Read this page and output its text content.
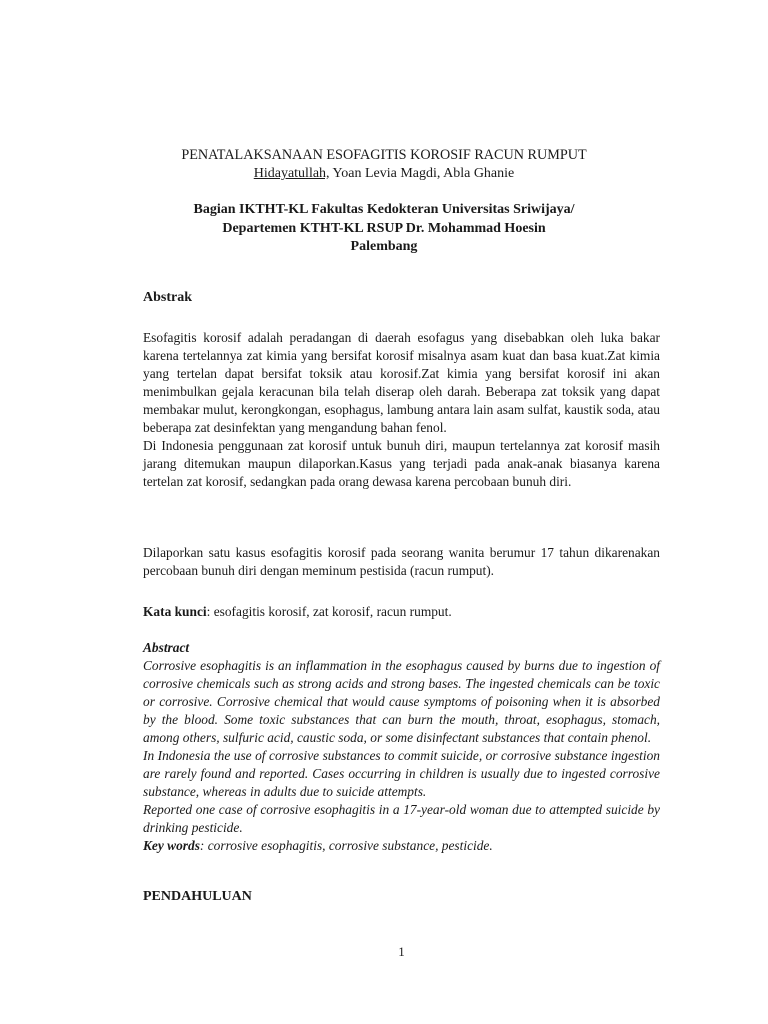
PENATALAKSANAAN ESOFAGITIS KOROSIF RACUN RUMPUT
Hidayatullah, Yoan Levia Magdi, Abla Ghanie
Bagian IKTHT-KL Fakultas Kedokteran Universitas Sriwijaya/
Departemen KTHT-KL RSUP Dr. Mohammad Hoesin
Palembang
Abstrak

Esofagitis korosif adalah peradangan di daerah esofagus yang disebabkan oleh luka bakar karena tertelannya zat kimia yang bersifat korosif misalnya asam kuat dan basa kuat.Zat kimia yang tertelan dapat bersifat toksik atau korosif.Zat kimia yang bersifat korosif ini akan menimbulkan gejala keracunan bila telah diserap oleh darah. Beberapa zat toksik yang dapat membakar mulut, kerongkongan, esophagus, lambung antara lain asam sulfat, kaustik soda, atau beberapa zat desinfektan yang mengandung bahan fenol.

Di Indonesia penggunaan zat korosif untuk bunuh diri, maupun tertelannya zat korosif masih jarang ditemukan maupun dilaporkan.Kasus yang terjadi pada anak-anak biasanya karena tertelan zat korosif, sedangkan pada orang dewasa karena percobaan bunuh diri.

Dilaporkan satu kasus esofagitis korosif pada seorang wanita berumur 17 tahun dikarenakan percobaan bunuh diri dengan meminum pestisida (racun rumput).

Kata kunci: esofagitis korosif, zat korosif, racun rumput.

Abstract

Corrosive esophagitis is an inflammation in the esophagus caused by burns due to ingestion of corrosive chemicals such as strong acids and strong bases. The ingested chemicals can be toxic or corrosive. Corrosive chemical that would cause symptoms of poisoning when it is absorbed by the blood. Some toxic substances that can burn the mouth, throat, esophagus, stomach, among others, sulfuric acid, caustic soda, or some disinfectant substances that contain phenol.

In Indonesia the use of corrosive substances to commit suicide, or corrosive substance ingestion are rarely found and reported. Cases occurring in children is usually due to ingested corrosive substance, whereas in adults due to suicide attempts.

Reported one case of corrosive esophagitis in a 17-year-old woman due to attempted suicide by drinking pesticide.

Key words: corrosive esophagitis, corrosive substance, pesticide.

PENDAHULUAN
1
